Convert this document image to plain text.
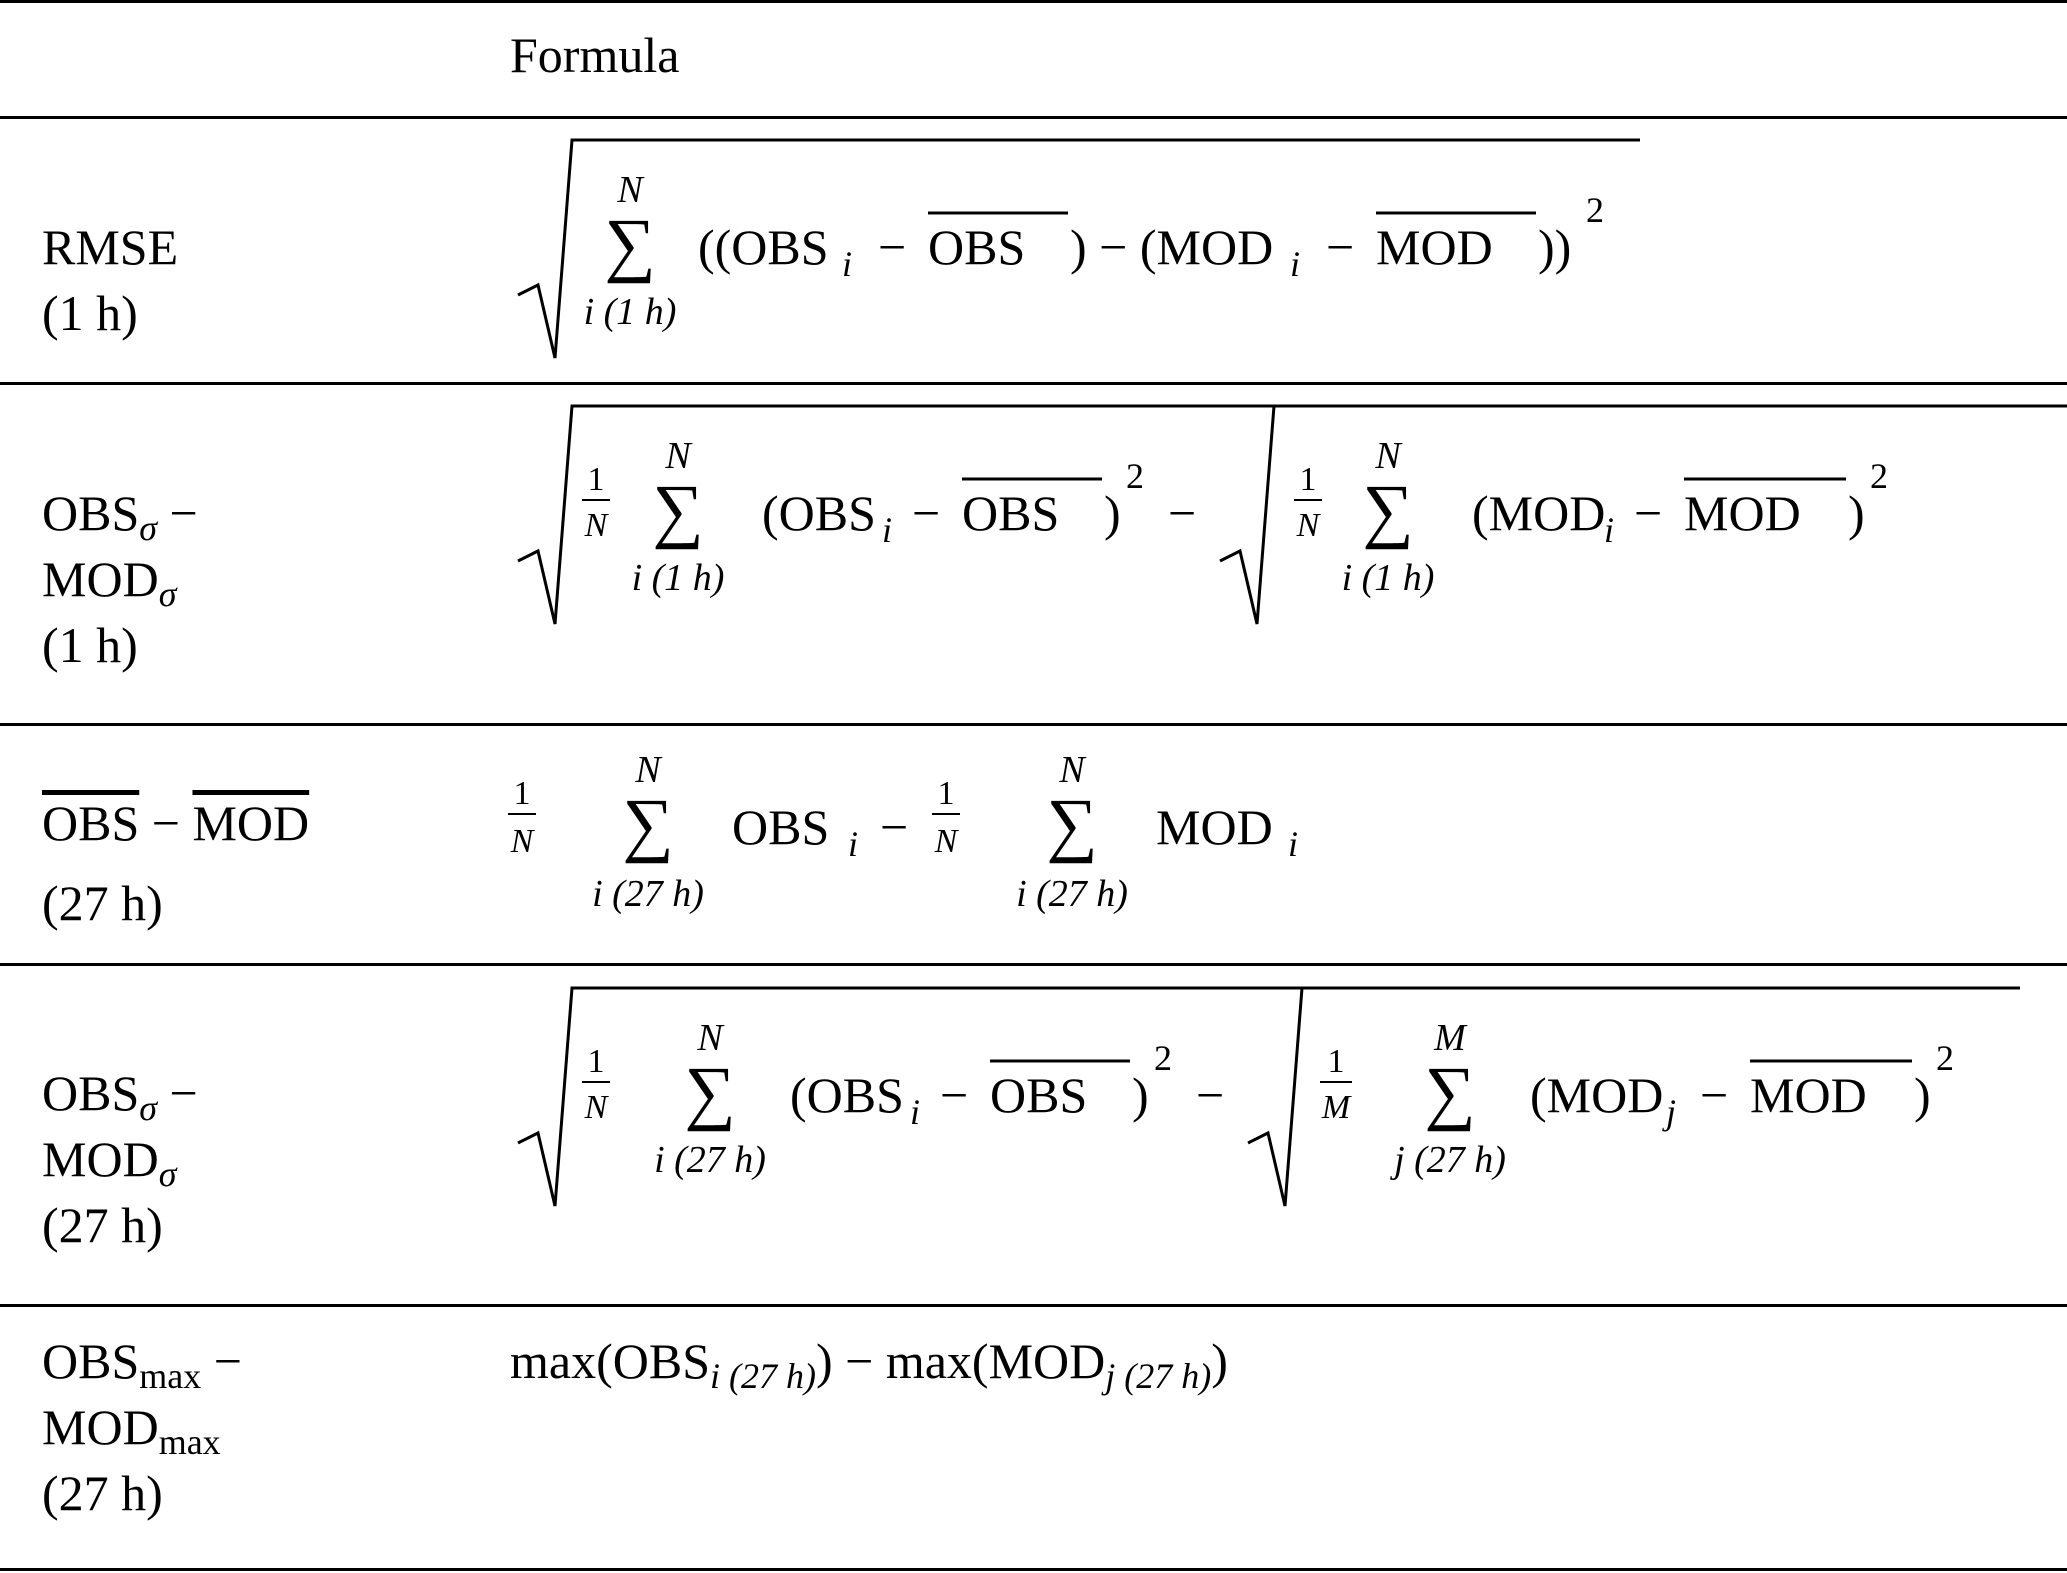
Formula
RMSE
(1 h)
N
∑
i (1 h)
((OBS i − OBS ) − (MOD i − MOD ))
2
$OBS_\sigma$ −
$MOD_\sigma$
(1 h)
1
N
N
∑
i (1 h)
(OBS i − OBS )
2
−
1
N
N
∑
i (1 h)
(MOD
i − MOD )
2
$\overline{OBS} - \overline{MOD}$
(27 h)
1
N
N
∑
i (27 h)
OBS i −
1
N
N
∑
i (27 h)
MOD i
$OBS_\sigma$ −
$MOD_\sigma$
(27 h)
1
N
N
∑
i (27 h)
(OBS i − OBS )
2
−
1
M
M
∑
j (27 h)
(MOD j − MOD )
2
$OBS_{max}$ −
$MOD_{max}$
(27 h)
$\max(OBS_{i (27 h)}) - \max(MOD_{j (27 h)})$
